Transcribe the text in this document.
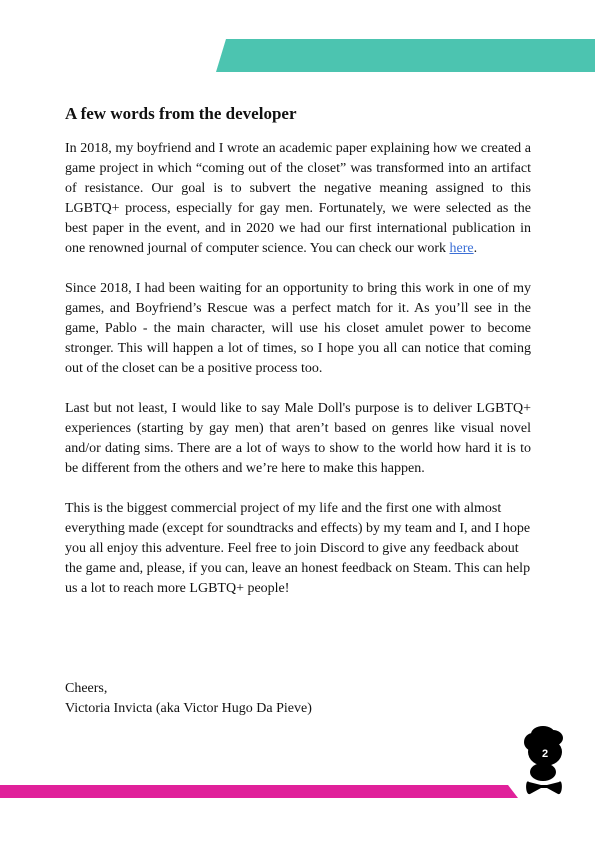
A few words from the developer

In 2018, my boyfriend and I wrote an academic paper explaining how we created a game project in which “coming out of the closet” was transformed into an artifact of resistance. Our goal is to subvert the negative meaning assigned to this LGBTQ+ process, especially for gay men. Fortunately, we were selected as the best paper in the event, and in 2020 we had our first international publication in one renowned journal of computer science. You can check our work here.

Since 2018, I had been waiting for an opportunity to bring this work in one of my games, and Boyfriend’s Rescue was a perfect match for it. As you’ll see in the game, Pablo - the main character, will use his closet amulet power to become stronger. This will happen a lot of times, so I hope you all can notice that coming out of the closet can be a positive process too.

Last but not least, I would like to say Male Doll's purpose is to deliver LGBTQ+ experiences (starting by gay men) that aren’t based on genres like visual novel and/or dating sims. There are a lot of ways to show to the world how hard it is to be different from the others and we’re here to make this happen.

This is the biggest commercial project of my life and the first one with almost everything made (except for soundtracks and effects) by my team and I, and I hope you all enjoy this adventure. Feel free to join Discord to give any feedback about the game and, please, if you can, leave an honest feedback on Steam. This can help us a lot to reach more LGBTQ+ people!

Cheers,
Victoria Invicta (aka Victor Hugo Da Pieve)
2
